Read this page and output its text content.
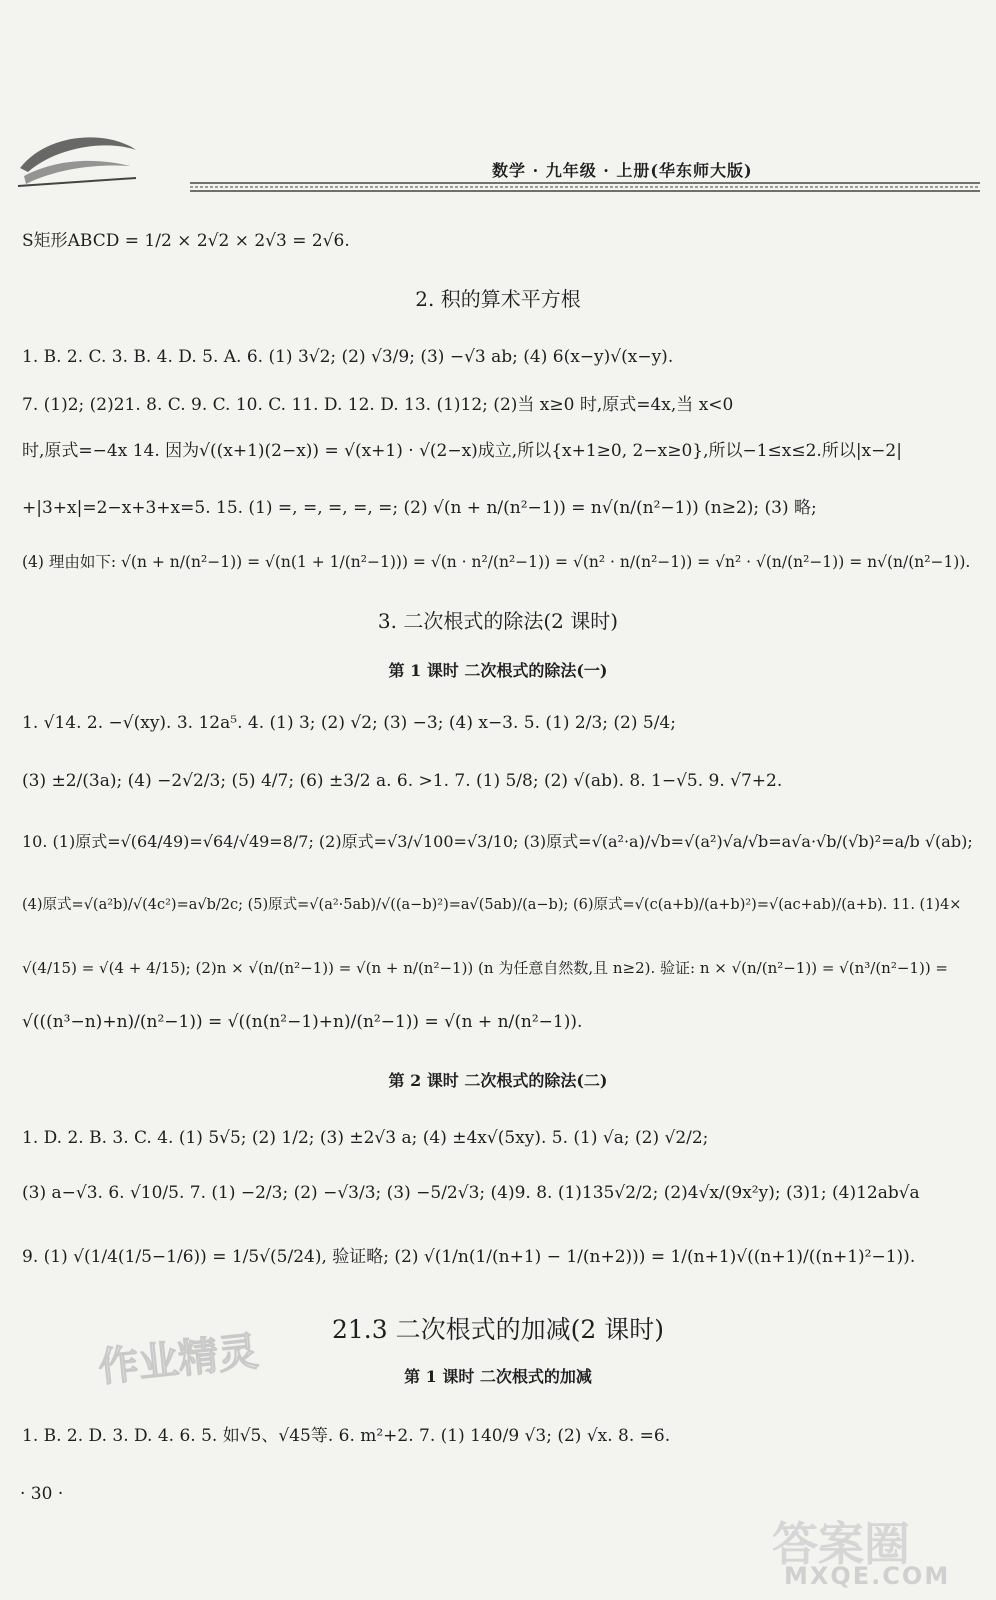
数学 · 九年级 · 上册(华东师大版)
S矩形ABCD = 1/2 × 2√2 × 2√3 = 2√6.
2. 积的算术平方根
1. B. 2. C. 3. B. 4. D. 5. A. 6. (1) 3√2; (2) √3/9; (3) −√3 ab; (4) 6(x−y)√(x−y).
7. (1)2; (2)21. 8. C. 9. C. 10. C. 11. D. 12. D. 13. (1)12; (2)当 x≥0 时,原式=4x,当 x<0
时,原式=−4x 14. 因为√((x+1)(2−x)) = √(x+1) · √(2−x)成立,所以{x+1≥0, 2−x≥0},所以−1≤x≤2.所以|x−2|
+|3+x|=2−x+3+x=5. 15. (1) =, =, =, =, =; (2) √(n + n/(n²−1)) = n√(n/(n²−1)) (n≥2); (3) 略;
(4) 理由如下: √(n + n/(n²−1)) = √(n(1 + 1/(n²−1))) = √(n · n²/(n²−1)) = √(n² · n/(n²−1)) = √n² · √(n/(n²−1)) = n√(n/(n²−1)).
3. 二次根式的除法(2 课时)
第 1 课时 二次根式的除法(一)
1. √14. 2. −√(xy). 3. 12a⁵. 4. (1) 3; (2) √2; (3) −3; (4) x−3. 5. (1) 2/3; (2) 5/4;
(3) ±2/(3a); (4) −2√2/3; (5) 4/7; (6) ±3/2 a. 6. >1. 7. (1) 5/8; (2) √(ab). 8. 1−√5. 9. √7+2.
10. (1)原式=√(64/49)=√64/√49=8/7; (2)原式=√3/√100=√3/10; (3)原式=√(a²·a)/√b=√(a²)√a/√b=a√a·√b/(√b)²=a/b √(ab);
(4)原式=√(a²b)/√(4c²)=a√b/2c; (5)原式=√(a²·5ab)/√((a−b)²)=a√(5ab)/(a−b); (6)原式=√(c(a+b)/(a+b)²)=√(ac+ab)/(a+b). 11. (1)4×
√(4/15) = √(4 + 4/15); (2)n × √(n/(n²−1)) = √(n + n/(n²−1)) (n 为任意自然数,且 n≥2). 验证: n × √(n/(n²−1)) = √(n³/(n²−1)) =
√(((n³−n)+n)/(n²−1)) = √((n(n²−1)+n)/(n²−1)) = √(n + n/(n²−1)).
第 2 课时 二次根式的除法(二)
1. D. 2. B. 3. C. 4. (1) 5√5; (2) 1/2; (3) ±2√3 a; (4) ±4x√(5xy). 5. (1) √a; (2) √2/2;
(3) a−√3. 6. √10/5. 7. (1) −2/3; (2) −√3/3; (3) −5/2√3; (4)9. 8. (1)135√2/2; (2)4√x/(9x²y); (3)1; (4)12ab√a
9. (1) √(1/4(1/5−1/6)) = 1/5√(5/24), 验证略; (2) √(1/n(1/(n+1) − 1/(n+2))) = 1/(n+1)√((n+1)/((n+1)²−1)).
作业精灵	21.3 二次根式的加减(2 课时)
第 1 课时 二次根式的加减
1. B. 2. D. 3. D. 4. 6. 5. 如√5、√45等. 6. m²+2. 7. (1) 140/9 √3; (2) √x. 8. =6.
· 30 ·
答案圈
MXQE.COM
